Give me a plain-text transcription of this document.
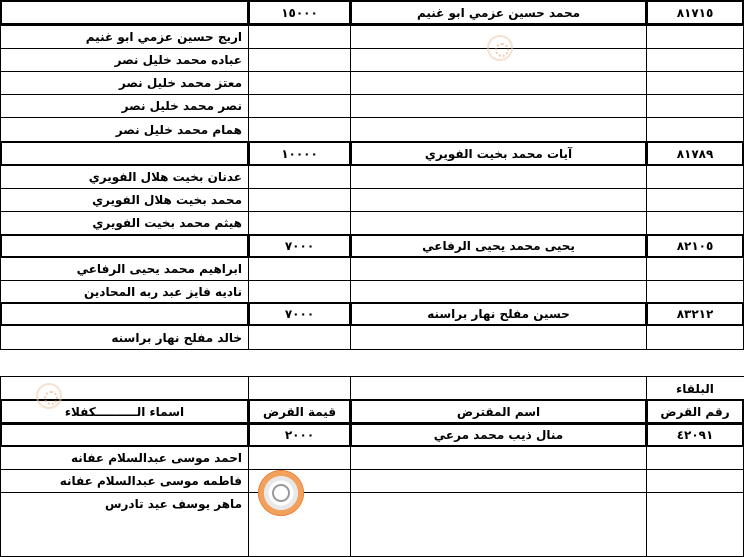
٨١٧١٥
محمد حسين عزمي ابو غنيم
١٥٠٠٠
اريج حسين عزمي ابو غنيم
عباده محمد خليل نصر
معتز محمد خليل نصر
نصر محمد خليل نصر
همام محمد خليل نصر
٨١٧٨٩
آيات محمد بخيت الفويري
١٠٠٠٠
عدنان بخيت هلال الفويري
محمد بخيت هلال الفويري
هيثم محمد بخيت الفويري
٨٢١٠٥
يحيى محمد يحيى الرفاعي
٧٠٠٠
ابراهيم محمد يحيى الرفاعي
ناديه فايز عبد ربه المحادين
٨٣٢١٢
حسين مفلح نهار براسنه
٧٠٠٠
خالد مفلح نهار براسنه
البلقاء
رقم القرض
اسم المقترض
قيمة القرض
اسماء الــــــــــكفلاء
٤٢٠٩١
منال ذيب محمد مرعي
٢٠٠٠
احمد موسى عبدالسلام عفانه
فاطمه موسى عبدالسلام عفانه
ماهر يوسف عيد تادرس
